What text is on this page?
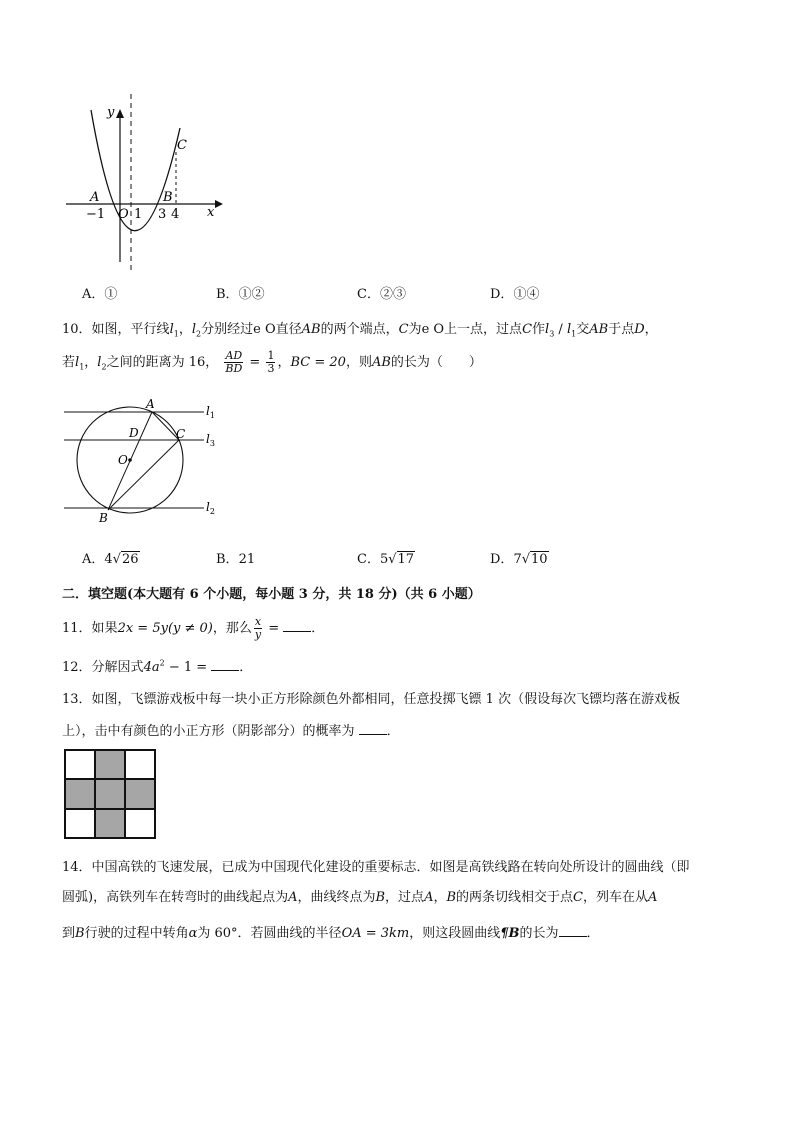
y
x
C
A	B
−1 O 1 3 4
A．①	B．①②	C．②③	D．①④
10．如图，平行线$l_1$，$l_2$分别经过e O直径AB的两个端点，C为e O上一点，过点C作$l_3 / l_1$交AB于点D，
若$l_1$，$l_2$之间的距离为 16， $\frac{AD}{BD} = \frac{1}{3}$ ，BC = 20，则AB的长为（　　）
A
D	C
O
B
$l_1$
$l_3$
$l_2$
A．4√26	B．21	C．5√17	D．7√10
二．填空题(本大题有 6 个小题，每小题 3 分，共 18 分)（共 6 小题）
11．如果2x = 5y(y ≠ 0)，那么 $\frac{x}{y}$ = ．
12．分解因式$4a^2 - 1$ = ．
13．如图，飞镖游戏板中每一块小正方形除颜色外都相同，任意投掷飞镖 1 次（假设每次飞镖均落在游戏板
上），击中有颜色的小正方形（阴影部分）的概率为 ．
14．中国高铁的飞速发展，已成为中国现代化建设的重要标志．如图是高铁线路在转向处所设计的圆曲线（即
圆弧)，高铁列车在转弯时的曲线起点为A，曲线终点为B，过点A，B的两条切线相交于点C，列车在从A
到B行驶的过程中转角α为 60°．若圆曲线的半径OA = 3km，则这段圆曲线¶B的长为 ．
